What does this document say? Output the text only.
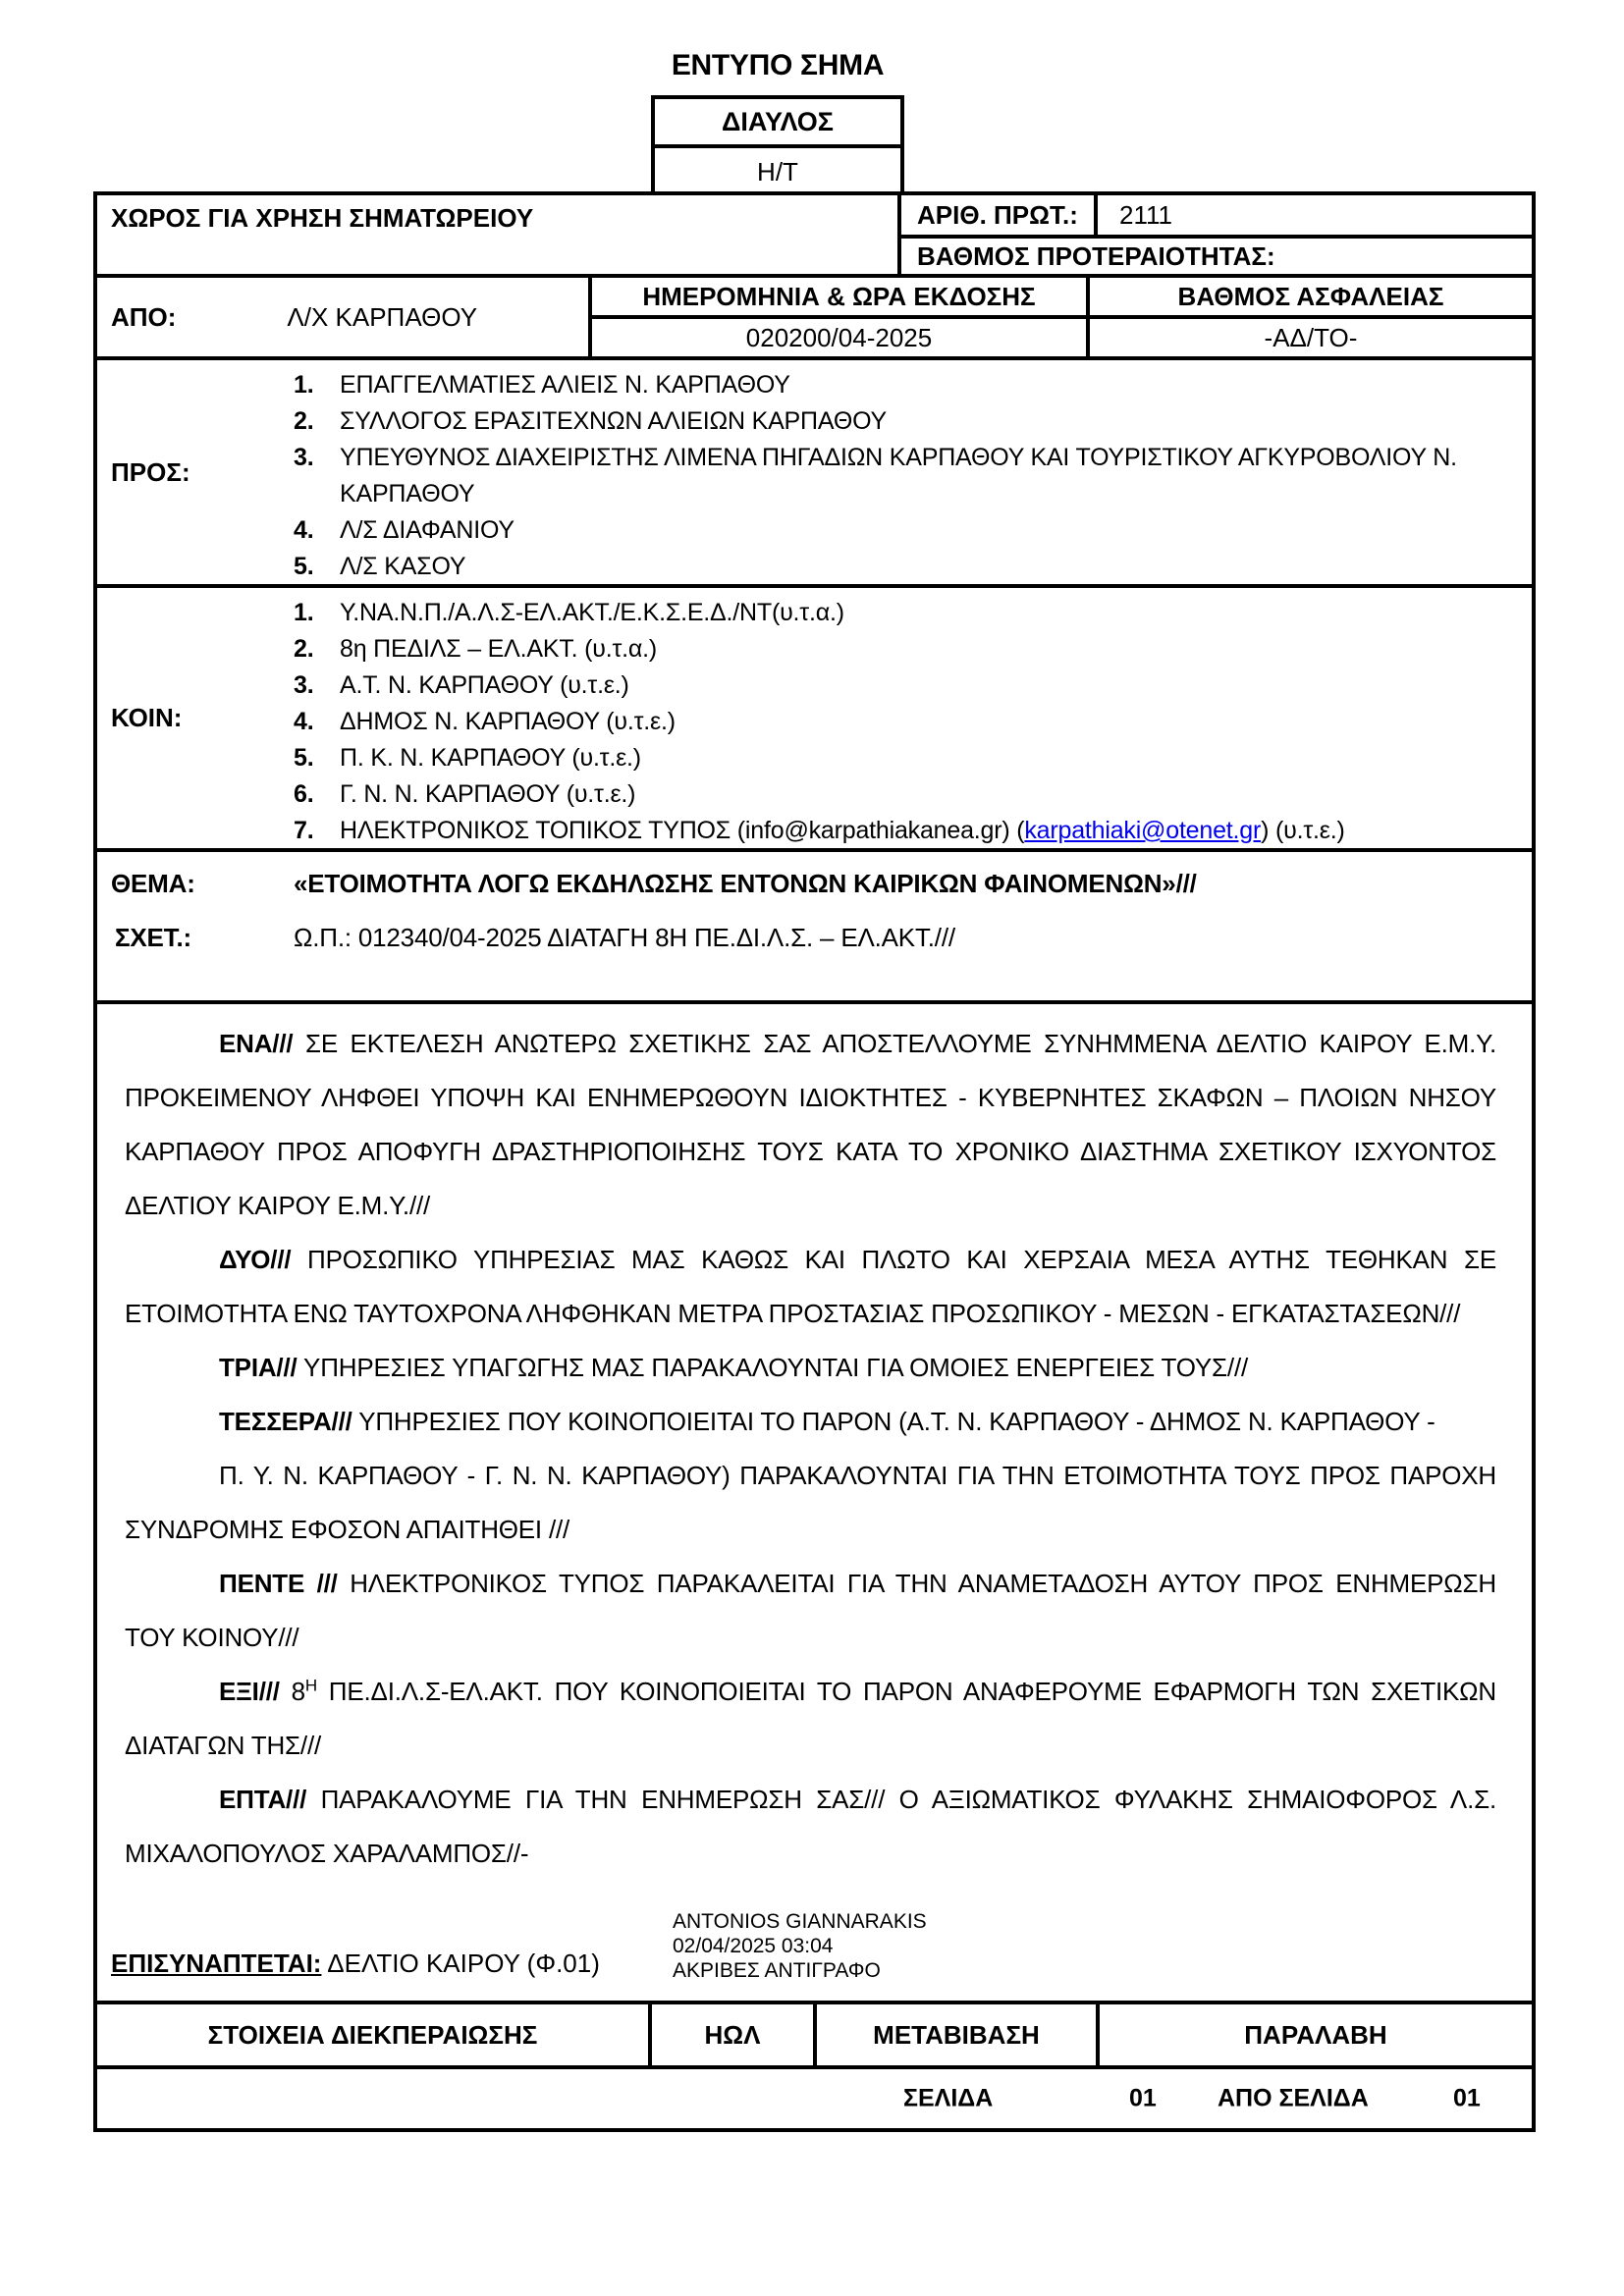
ΕΝΤΥΠΟ ΣΗΜΑ
ΔΙΑΥΛΟΣ
Η/Τ
ΧΩΡΟΣ ΓΙΑ ΧΡΗΣΗ ΣΗΜΑΤΩΡΕΙΟΥ	ΑΡΙΘ. ΠΡΩΤ.:	2111
ΒΑΘΜΟΣ ΠΡΟΤΕΡΑΙΟΤΗΤΑΣ:
ΑΠΟ:	Λ/Χ ΚΑΡΠΑΘΟΥ
ΗΜΕΡΟΜΗΝΙΑ & ΩΡΑ ΕΚΔΟΣΗΣ
020200/04-2025
ΒΑΘΜΟΣ ΑΣΦΑΛΕΙΑΣ
-ΑΔ/ΤΟ-
ΠΡΟΣ:
1.	ΕΠΑΓΓΕΛΜΑΤΙΕΣ ΑΛΙΕΙΣ Ν. ΚΑΡΠΑΘΟΥ
2.	ΣΥΛΛΟΓΟΣ ΕΡΑΣΙΤΕΧΝΩΝ ΑΛΙΕΙΩΝ ΚΑΡΠΑΘΟΥ
3.	ΥΠΕΥΘΥΝΟΣ ΔΙΑΧΕΙΡΙΣΤΗΣ ΛΙΜΕΝΑ ΠΗΓΑΔΙΩΝ ΚΑΡΠΑΘΟΥ ΚΑΙ ΤΟΥΡΙΣΤΙΚΟΥ ΑΓΚΥΡΟΒΟΛΙΟΥ Ν. ΚΑΡΠΑΘΟΥ
4.	Λ/Σ ΔΙΑΦΑΝΙΟΥ
5.	Λ/Σ ΚΑΣΟΥ
ΚΟΙΝ:
1.	Υ.ΝΑ.Ν.Π./Α.Λ.Σ-ΕΛ.ΑΚΤ./Ε.Κ.Σ.Ε.Δ./ΝΤ(υ.τ.α.)
2.	8η ΠΕΔΙΛΣ – ΕΛ.ΑΚΤ. (υ.τ.α.)
3.	Α.Τ. Ν. ΚΑΡΠΑΘΟΥ (υ.τ.ε.)
4.	ΔΗΜΟΣ Ν. ΚΑΡΠΑΘΟΥ (υ.τ.ε.)
5.	Π. Κ. Ν. ΚΑΡΠΑΘΟΥ (υ.τ.ε.)
6.	Γ. Ν. Ν. ΚΑΡΠΑΘΟΥ (υ.τ.ε.)
7.	ΗΛΕΚΤΡΟΝΙΚΟΣ ΤΟΠΙΚΟΣ ΤΥΠΟΣ (info@karpathiakanea.gr) (karpathiaki@otenet.gr) (υ.τ.ε.)
ΘΕΜΑ:	«ΕΤΟΙΜΟΤΗΤΑ ΛΟΓΩ ΕΚΔΗΛΩΣΗΣ ΕΝΤΟΝΩΝ ΚΑΙΡΙΚΩΝ ΦΑΙΝΟΜΕΝΩΝ»///
ΣΧΕΤ.:	Ω.Π.: 012340/04-2025 ΔΙΑΤΑΓΗ 8Η ΠΕ.ΔΙ.Λ.Σ. – ΕΛ.ΑΚΤ.///

ΕΝΑ/// ΣΕ ΕΚΤΕΛΕΣΗ ΑΝΩΤΕΡΩ ΣΧΕΤΙΚΗΣ ΣΑΣ ΑΠΟΣΤΕΛΛΟΥΜΕ ΣΥΝΗΜΜΕΝΑ ΔΕΛΤΙΟ ΚΑΙΡΟΥ Ε.Μ.Υ. ΠΡΟΚΕΙΜΕΝΟΥ ΛΗΦΘΕΙ ΥΠΟΨΗ ΚΑΙ ΕΝΗΜΕΡΩΘΟΥΝ ΙΔΙΟΚΤΗΤΕΣ - ΚΥΒΕΡΝΗΤΕΣ ΣΚΑΦΩΝ – ΠΛΟΙΩΝ ΝΗΣΟΥ ΚΑΡΠΑΘΟΥ ΠΡΟΣ ΑΠΟΦΥΓΗ ΔΡΑΣΤΗΡΙΟΠΟΙΗΣΗΣ ΤΟΥΣ ΚΑΤΑ ΤΟ ΧΡΟΝΙΚΟ ΔΙΑΣΤΗΜΑ ΣΧΕΤΙΚΟΥ ΙΣΧΥΟΝΤΟΣ ΔΕΛΤΙΟΥ ΚΑΙΡΟΥ Ε.Μ.Υ.///

ΔΥΟ/// ΠΡΟΣΩΠΙΚΟ ΥΠΗΡΕΣΙΑΣ ΜΑΣ ΚΑΘΩΣ ΚΑΙ ΠΛΩΤΟ ΚΑΙ ΧΕΡΣΑΙΑ ΜΕΣΑ ΑΥΤΗΣ ΤΕΘΗΚΑΝ ΣΕ ΕΤΟΙΜΟΤΗΤΑ ΕΝΩ ΤΑΥΤΟΧΡΟΝΑ ΛΗΦΘΗΚΑΝ ΜΕΤΡΑ ΠΡΟΣΤΑΣΙΑΣ ΠΡΟΣΩΠΙΚΟΥ - ΜΕΣΩΝ - ΕΓΚΑΤΑΣΤΑΣΕΩΝ///

ΤΡΙΑ/// ΥΠΗΡΕΣΙΕΣ ΥΠΑΓΩΓΗΣ ΜΑΣ ΠΑΡΑΚΑΛΟΥΝΤΑΙ ΓΙΑ ΟΜΟΙΕΣ ΕΝΕΡΓΕΙΕΣ ΤΟΥΣ///

ΤΕΣΣΕΡΑ/// ΥΠΗΡΕΣΙΕΣ ΠΟΥ ΚΟΙΝΟΠΟΙΕΙΤΑΙ ΤΟ ΠΑΡΟΝ (Α.Τ. Ν. ΚΑΡΠΑΘΟΥ - ΔΗΜΟΣ Ν. ΚΑΡΠΑΘΟΥ -

Π. Υ. Ν. ΚΑΡΠΑΘΟΥ - Γ. Ν. Ν. ΚΑΡΠΑΘΟΥ) ΠΑΡΑΚΑΛΟΥΝΤΑΙ ΓΙΑ ΤΗΝ ΕΤΟΙΜΟΤΗΤΑ ΤΟΥΣ ΠΡΟΣ ΠΑΡΟΧΗ ΣΥΝΔΡΟΜΗΣ ΕΦΟΣΟΝ ΑΠΑΙΤΗΘΕΙ ///

ΠΕΝΤΕ /// ΗΛΕΚΤΡΟΝΙΚΟΣ ΤΥΠΟΣ ΠΑΡΑΚΑΛΕΙΤΑΙ ΓΙΑ ΤΗΝ ΑΝΑΜΕΤΑΔΟΣΗ ΑΥΤΟΥ ΠΡΟΣ ΕΝΗΜΕΡΩΣΗ ΤΟΥ ΚΟΙΝΟΥ///

ΕΞΙ/// $8^H$ ΠΕ.ΔΙ.Λ.Σ-ΕΛ.ΑΚΤ. ΠΟΥ ΚΟΙΝΟΠΟΙΕΙΤΑΙ ΤΟ ΠΑΡΟΝ ΑΝΑΦΕΡΟΥΜΕ ΕΦΑΡΜΟΓΗ ΤΩΝ ΣΧΕΤΙΚΩΝ ΔΙΑΤΑΓΩΝ ΤΗΣ///

ΕΠΤΑ/// ΠΑΡΑΚΑΛΟΥΜΕ ΓΙΑ ΤΗΝ ΕΝΗΜΕΡΩΣΗ ΣΑΣ/// Ο ΑΞΙΩΜΑΤΙΚΟΣ ΦΥΛΑΚΗΣ ΣΗΜΑΙΟΦΟΡΟΣ Λ.Σ. ΜΙΧΑΛΟΠΟΥΛΟΣ ΧΑΡΑΛΑΜΠΟΣ//-

ΕΠΙΣΥΝΑΠΤΕΤΑΙ: ΔΕΛΤΙΟ ΚΑΙΡΟΥ (Φ.01)
ANTONIOS GIANNARAKIS
02/04/2025 03:04
ΑΚΡΙΒΕΣ ΑΝΤΙΓΡΑΦΟ
ΣΤΟΙΧΕΙΑ ΔΙΕΚΠΕΡΑΙΩΣΗΣ	ΗΩΛ	ΜΕΤΑΒΙΒΑΣΗ	ΠΑΡΑΛΑΒΗ
ΣΕΛΙΔΑ	01 ΑΠΟ ΣΕΛΙΔΑ	01
